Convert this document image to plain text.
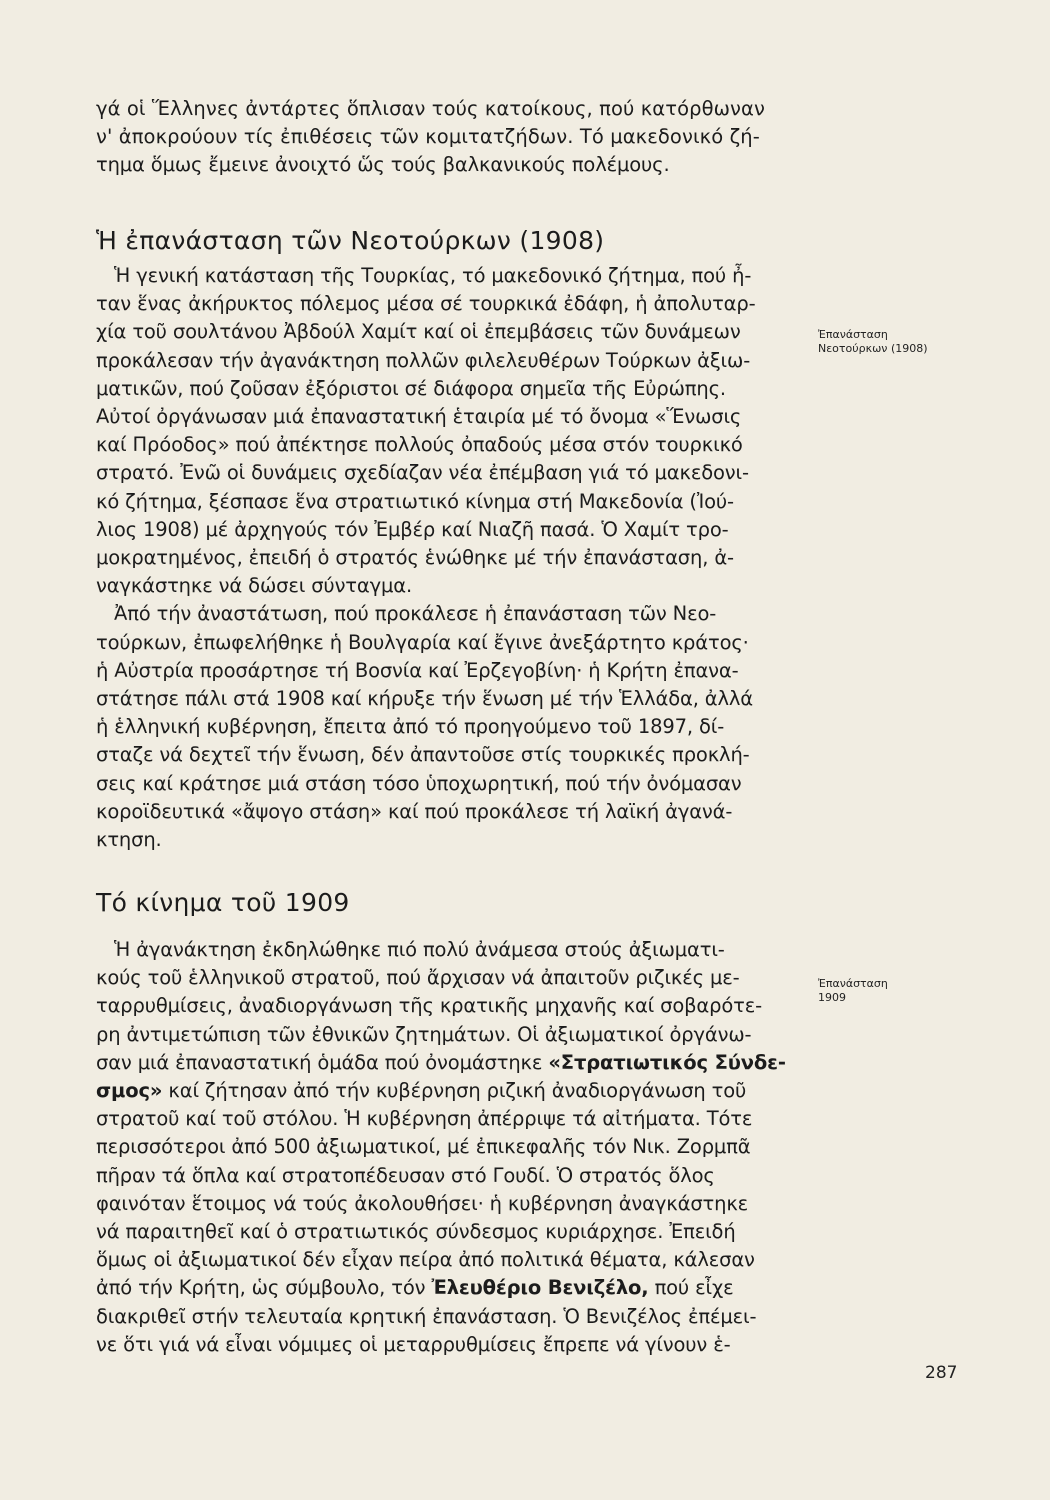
γά οἱ Ἕλληνες ἀντάρτες ὅπλισαν τούς κατοίκους, πού κατόρθωναν

ν' ἀποκρούουν τίς ἐπιθέσεις τῶν κομιτατζήδων. Τό μακεδονικό ζή-

τημα ὅμως ἔμεινε ἀνοιχτό ὥς τούς βαλκανικούς πολέμους.

Ἡ ἐπανάσταση τῶν Νεοτούρκων (1908)

Ἡ γενική κατάσταση τῆς Τουρκίας, τό μακεδονικό ζήτημα, πού ἦ-

ταν ἕνας ἀκήρυκτος πόλεμος μέσα σέ τουρκικά ἐδάφη, ἡ ἀπολυταρ-

χία τοῦ σουλτάνου Ἀβδούλ Χαμίτ καί οἱ ἐπεμβάσεις τῶν δυνάμεων

προκάλεσαν τήν ἀγανάκτηση πολλῶν φιλελευθέρων Τούρκων ἀξιω-

ματικῶν, πού ζοῦσαν ἐξόριστοι σέ διάφορα σημεῖα τῆς Εὐρώπης.

Αὐτοί ὀργάνωσαν μιά ἐπαναστατική ἑταιρία μέ τό ὄνομα «Ἕνωσις

καί Πρόοδος» πού ἀπέκτησε πολλούς ὀπαδούς μέσα στόν τουρκικό

στρατό. Ἐνῶ οἱ δυνάμεις σχεδίαζαν νέα ἐπέμβαση γιά τό μακεδονι-

κό ζήτημα, ξέσπασε ἕνα στρατιωτικό κίνημα στή Μακεδονία (Ἰού-

λιος 1908) μέ ἀρχηγούς τόν Ἐμβέρ καί Νιαζῆ πασά. Ὁ Χαμίτ τρο-

μοκρατημένος, ἐπειδή ὁ στρατός ἑνώθηκε μέ τήν ἐπανάσταση, ἀ-

ναγκάστηκε νά δώσει σύνταγμα.

Ἀπό τήν ἀναστάτωση, πού προκάλεσε ἡ ἐπανάσταση τῶν Νεο-

τούρκων, ἐπωφελήθηκε ἡ Βουλγαρία καί ἔγινε ἀνεξάρτητο κράτος·

ἡ Αὐστρία προσάρτησε τή Βοσνία καί Ἐρζεγοβίνη· ἡ Κρήτη ἐπανα-

στάτησε πάλι στά 1908 καί κήρυξε τήν ἕνωση μέ τήν Ἑλλάδα, ἀλλά

ἡ ἑλληνική κυβέρνηση, ἔπειτα ἀπό τό προηγούμενο τοῦ 1897, δί-

σταζε νά δεχτεῖ τήν ἕνωση, δέν ἀπαντοῦσε στίς τουρκικές προκλή-

σεις καί κράτησε μιά στάση τόσο ὑποχωρητική, πού τήν ὀνόμασαν

κοροϊδευτικά «ἄψογο στάση» καί πού προκάλεσε τή λαϊκή ἀγανά-

κτηση.

Ἐπανάσταση
Νεοτούρκων (1908)
Τό κίνημα τοῦ 1909

Ἡ ἀγανάκτηση ἐκδηλώθηκε πιό πολύ ἀνάμεσα στούς ἀξιωματι-

κούς τοῦ ἑλληνικοῦ στρατοῦ, πού ἄρχισαν νά ἀπαιτοῦν ριζικές με-

ταρρυθμίσεις, ἀναδιοργάνωση τῆς κρατικῆς μηχανῆς καί σοβαρότε-

ρη ἀντιμετώπιση τῶν ἐθνικῶν ζητημάτων. Οἱ ἀξιωματικοί ὀργάνω-

σαν μιά ἐπαναστατική ὁμάδα πού ὀνομάστηκε «Στρατιωτικός Σύνδε-

σμος» καί ζήτησαν ἀπό τήν κυβέρνηση ριζική ἀναδιοργάνωση τοῦ

στρατοῦ καί τοῦ στόλου. Ἡ κυβέρνηση ἀπέρριψε τά αἰτήματα. Τότε

περισσότεροι ἀπό 500 ἀξιωματικοί, μέ ἐπικεφαλῆς τόν Νικ. Ζορμπᾶ

πῆραν τά ὅπλα καί στρατοπέδευσαν στό Γουδί. Ὁ στρατός ὅλος

φαινόταν ἕτοιμος νά τούς ἀκολουθήσει· ἡ κυβέρνηση ἀναγκάστηκε

νά παραιτηθεῖ καί ὁ στρατιωτικός σύνδεσμος κυριάρχησε. Ἐπειδή

ὅμως οἱ ἀξιωματικοί δέν εἶχαν πείρα ἀπό πολιτικά θέματα, κάλεσαν

ἀπό τήν Κρήτη, ὡς σύμβουλο, τόν Ἐλευθέριο Βενιζέλο, πού εἶχε

διακριθεῖ στήν τελευταία κρητική ἐπανάσταση. Ὁ Βενιζέλος ἐπέμει-

νε ὅτι γιά νά εἶναι νόμιμες οἱ μεταρρυθμίσεις ἔπρεπε νά γίνουν ἑ-

Ἐπανάσταση
1909
287
